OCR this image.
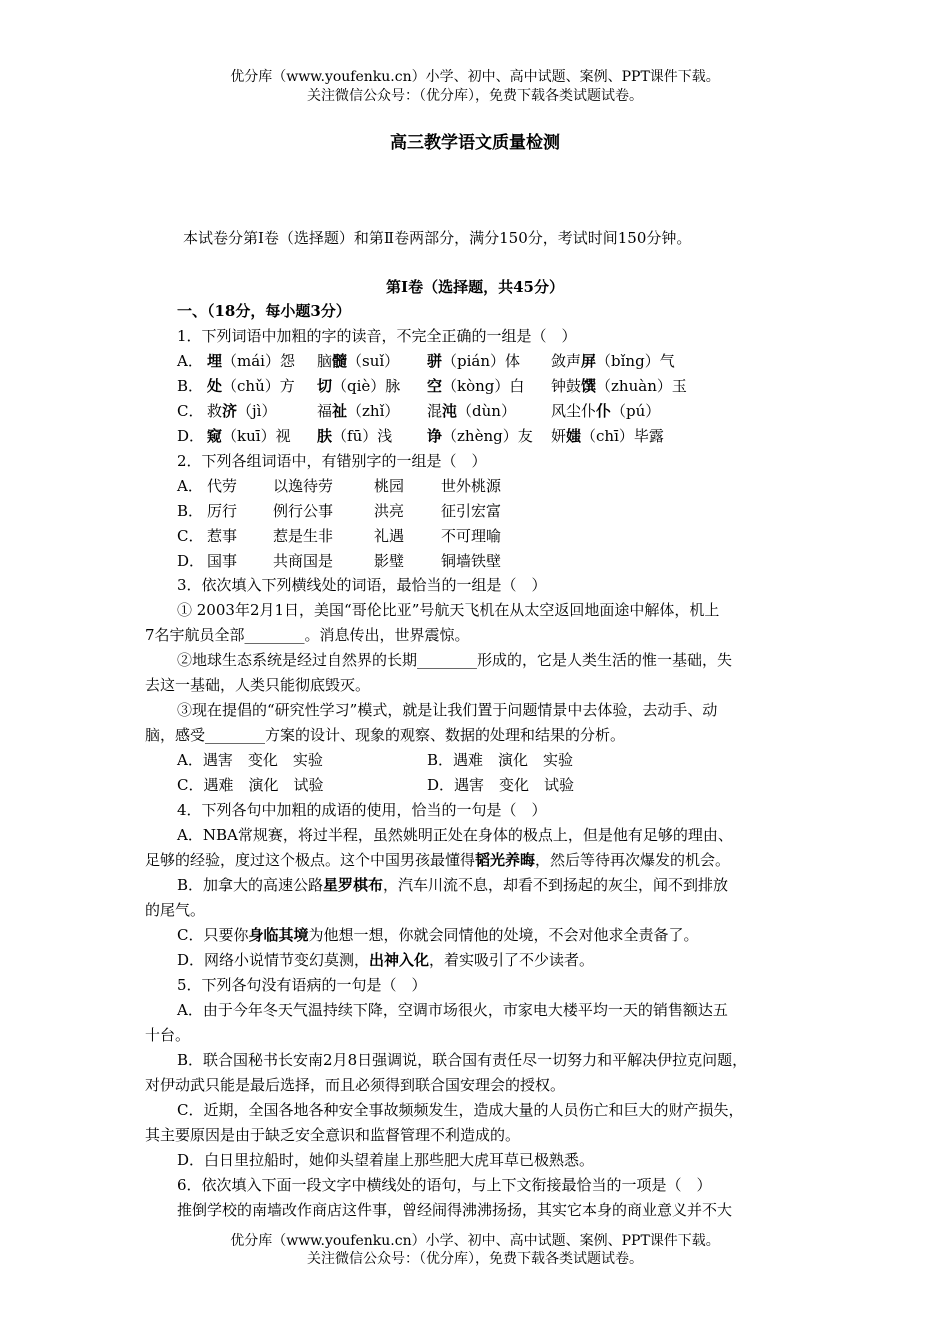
优分库（www.youfenku.cn）小学、初中、高中试题、案例、PPT课件下载。
关注微信公众号：（优分库），免费下载各类试题试卷。
高三教学语文质量检测
本试卷分第Ⅰ卷（选择题）和第Ⅱ卷两部分，满分150分，考试时间150分钟。
第Ⅰ卷（选择题，共45分）
一、（18分，每小题3分）
1．下列词语中加粗的字的读音，不完全正确的一组是（　）
A． 埋（mái）怨 脑髓（suǐ） 骈（pián）体 敛声屏（bǐng）气
B． 处（chǔ）方 切（qiè）脉 空（kòng）白 钟鼓馔（zhuàn）玉
C． 救济（jì）	福祉（zhǐ） 混沌（dùn） 风尘仆仆（pú）
D． 窥（kuī）视 肤（fū）浅 诤（zhèng）友 妍媸（chī）毕露
2．下列各组词语中，有错别字的一组是（　）
A． 代劳 以逸待劳	桃园 世外桃源
B． 厉行 例行公事	洪亮 征引宏富
C． 惹事 惹是生非	礼遇 不可理喻
D． 国事 共商国是	影璧 铜墙铁壁
3．依次填入下列横线处的词语，最恰当的一组是（　）
① 2003年2月1日，美国“哥伦比亚”号航天飞机在从太空返回地面途中解体，机上
7名宇航员全部________。消息传出，世界震惊。
②地球生态系统是经过自然界的长期________形成的，它是人类生活的惟一基础，失
去这一基础，人类只能彻底毁灭。
③现在提倡的“研究性学习”模式，就是让我们置于问题情景中去体验，去动手、动
脑，感受________方案的设计、现象的观察、数据的处理和结果的分析。
A．遇害　变化　实验	B．遇难　演化　实验
C．遇难　演化　试验	D．遇害　变化　试验
4．下列各句中加粗的成语的使用，恰当的一句是（　）
A．NBA常规赛，将过半程，虽然姚明正处在身体的极点上，但是他有足够的理由、
足够的经验，度过这个极点。这个中国男孩最懂得韬光养晦，然后等待再次爆发的机会。
B．加拿大的高速公路星罗棋布，汽车川流不息，却看不到扬起的灰尘，闻不到排放
的尾气。
C．只要你身临其境为他想一想，你就会同情他的处境，不会对他求全责备了。
D．网络小说情节变幻莫测，出神入化，着实吸引了不少读者。
5．下列各句没有语病的一句是（　）
A．由于今年冬天气温持续下降，空调市场很火，市家电大楼平均一天的销售额达五
十台。
B．联合国秘书长安南2月8日强调说，联合国有责任尽一切努力和平解决伊拉克问题，
对伊动武只能是最后选择，而且必须得到联合国安理会的授权。
C．近期，全国各地各种安全事故频频发生，造成大量的人员伤亡和巨大的财产损失，
其主要原因是由于缺乏安全意识和监督管理不利造成的。
D．白日里拉船时，她仰头望着崖上那些肥大虎耳草已极熟悉。
6．依次填入下面一段文字中横线处的语句，与上下文衔接最恰当的一项是（　）
推倒学校的南墙改作商店这件事，曾经闹得沸沸扬扬，其实它本身的商业意义并不大
优分库（www.youfenku.cn）小学、初中、高中试题、案例、PPT课件下载。
关注微信公众号：（优分库），免费下载各类试题试卷。
